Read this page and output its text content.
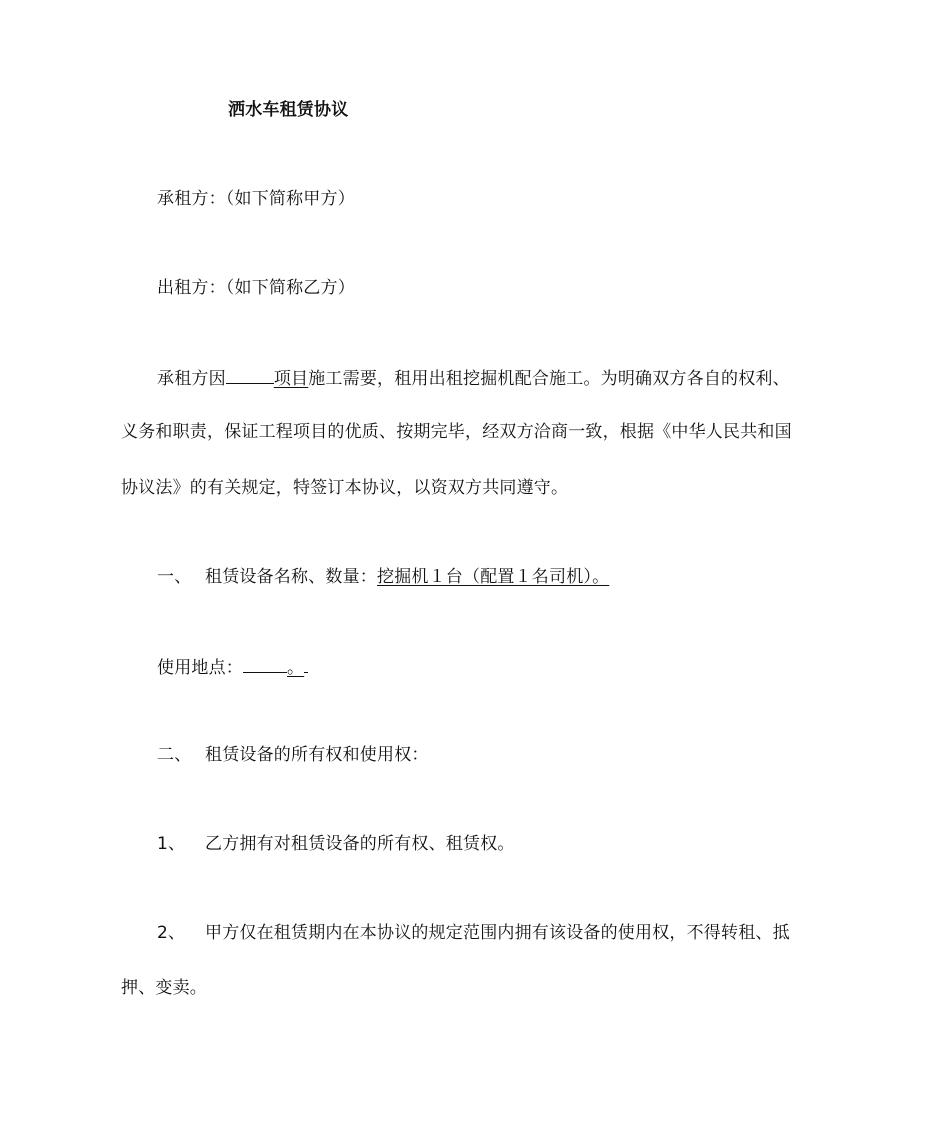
洒水车租赁协议
承租方：（如下简称甲方）
出租方：（如下简称乙方）
承租方因	项目施工需要，租用出租挖掘机配合施工。为明确双方各自的权利、
义务和职责，保证工程项目的优质、按期完毕，经双方洽商一致，根据《中华人民共和国
协议法》的有关规定，特签订本协议，以资双方共同遵守。
一、 租赁设备名称、数量：挖掘机１台（配置１名司机）。
使用地点：	。
二、 租赁设备的所有权和使用权：
1、 乙方拥有对租赁设备的所有权、租赁权。
2、 甲方仅在租赁期内在本协议的规定范围内拥有该设备的使用权，不得转租、抵
押、变卖。
